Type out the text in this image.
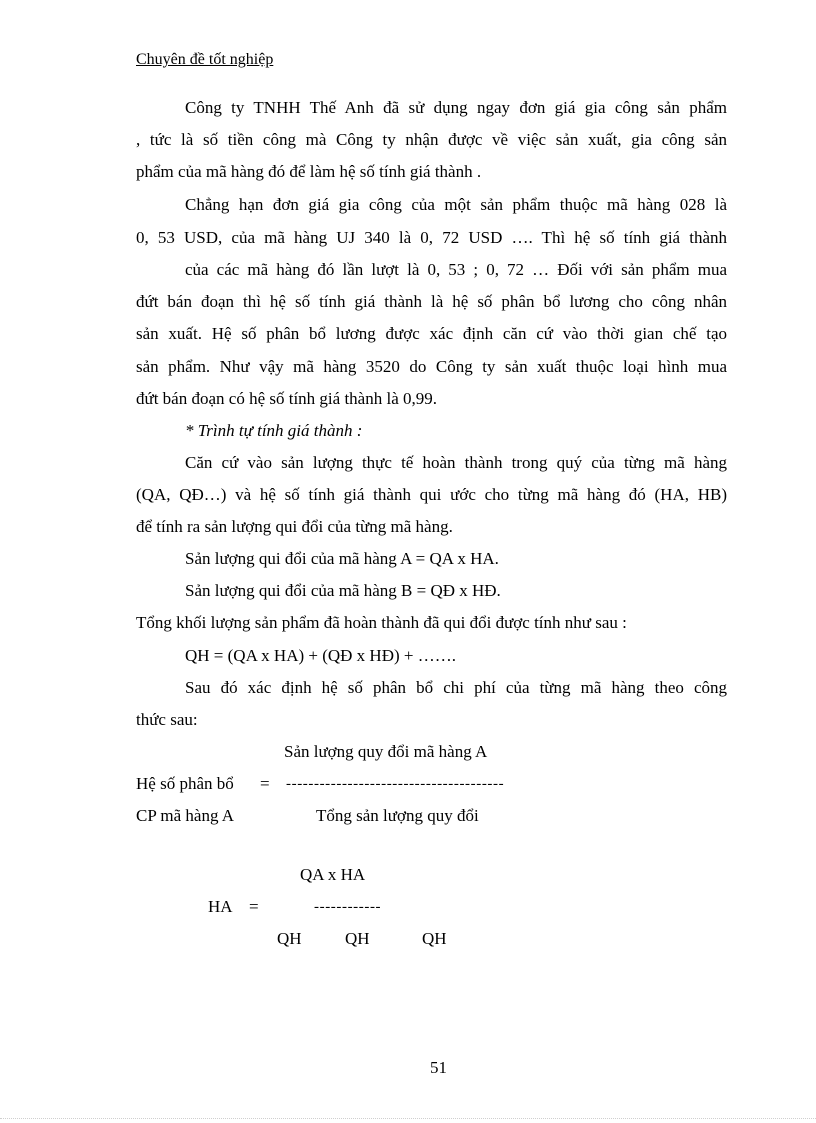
Chuyên đề tốt nghiệp
Công ty TNHH Thế Anh đã sử dụng ngay đơn giá gia công sản phẩm
, tức là số tiền công mà Công ty nhận được về việc sản xuất, gia công sản
phẩm của mã hàng đó để làm hệ số tính giá thành .
Chẳng hạn đơn giá gia công của một sản phẩm thuộc mã hàng 028 là
0, 53 USD, của mã hàng UJ 340 là 0, 72 USD …. Thì hệ số tính giá thành
của các mã hàng đó lần lượt là 0, 53 ; 0, 72 … Đối với sản phẩm mua
đứt bán đoạn thì hệ số tính giá thành là hệ số phân bổ lương cho công nhân
sản xuất. Hệ số phân bổ lương được xác định căn cứ vào thời gian chế tạo
sản phẩm. Như vậy mã hàng 3520 do Công ty sản xuất thuộc loại hình mua
đứt bán đoạn có hệ số tính giá thành là 0,99.
* Trình tự tính giá thành :
Căn cứ vào sản lượng thực tế hoàn thành trong quý của từng mã hàng
(QA, QĐ…) và hệ số tính giá thành qui ước cho từng mã hàng đó (HA, HB)
để tính ra sản lượng qui đổi của từng mã hàng.
Sản lượng qui đổi của mã hàng A = QA x HA.
Sản lượng qui đổi của mã hàng B = QĐ x HĐ.
Tổng khối lượng sản phẩm đã hoàn thành đã qui đổi được tính như sau :
QH = (QA x HA) + (QĐ x HĐ) + …….
Sau đó xác định hệ số phân bổ chi phí của từng mã hàng theo công
thức sau:
Sản lượng quy đổi mã hàng A
Hệ số phân bổ = ---------------------------------------
CP mã hàng A	Tổng sản lượng quy đổi
QA x HA
HA =	------------
QH	QH	QH
51
